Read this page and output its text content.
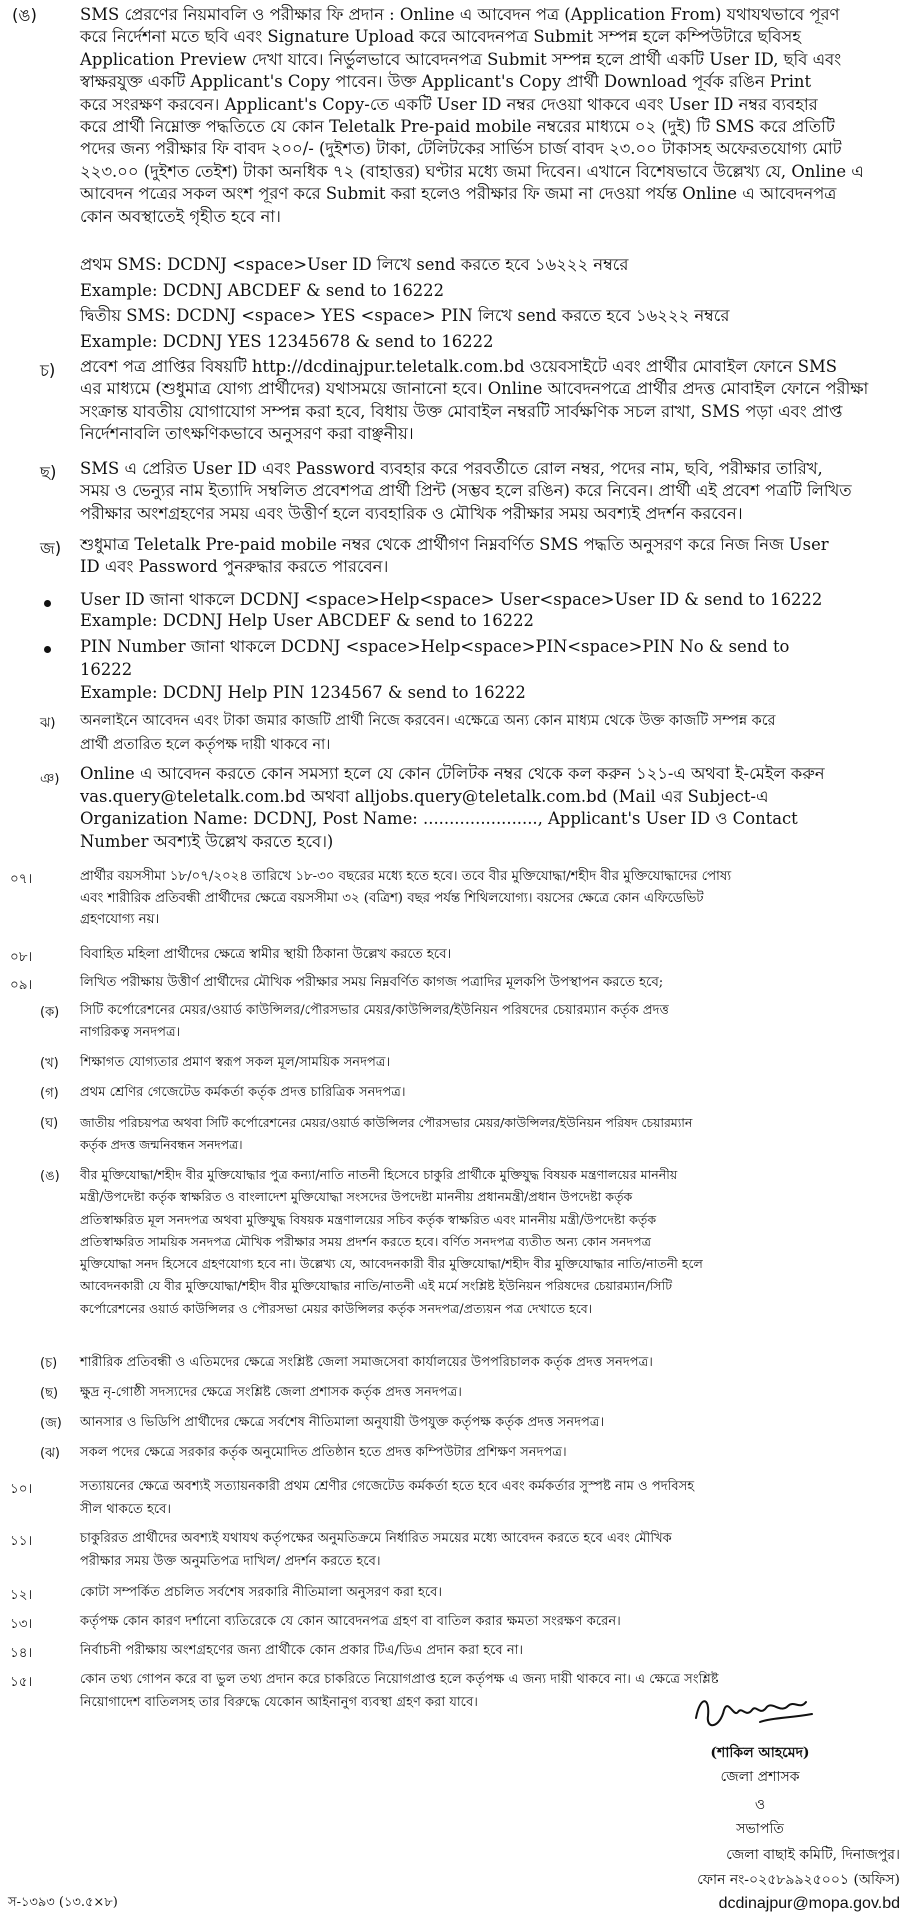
(ঙ)	SMS প্রেরণের নিয়মাবলি ও পরীক্ষার ফি প্রদান : Online এ আবেদন পত্র (Application From) যথাযথভাবে পূরণ
করে নির্দেশনা মতে ছবি এবং Signature Upload করে আবেদনপত্র Submit সম্পন্ন হলে কম্পিউটারে ছবিসহ
Application Preview দেখা যাবে। নির্ভুলভাবে আবেদনপত্র Submit সম্পন্ন হলে প্রার্থী একটি User ID, ছবি এবং
স্বাক্ষরযুক্ত একটি Applicant's Copy পাবেন। উক্ত Applicant's Copy প্রার্থী Download পূর্বক রঙিন Print
করে সংরক্ষণ করবেন। Applicant's Copy-তে একটি User ID নম্বর দেওয়া থাকবে এবং User ID নম্বর ব্যবহার
করে প্রার্থী নিম্নোক্ত পদ্ধতিতে যে কোন Teletalk Pre-paid mobile নম্বরের মাধ্যমে ০২ (দুই) টি SMS করে প্রতিটি
পদের জন্য পরীক্ষার ফি বাবদ ২০০/- (দুইশত) টাকা, টেলিটকের সার্ভিস চার্জ বাবদ ২৩.০০ টাকাসহ অফেরতযোগ্য মোট
২২৩.০০ (দুইশত তেইশ) টাকা অনধিক ৭২ (বাহাত্তর) ঘণ্টার মধ্যে জমা দিবেন। এখানে বিশেষভাবে উল্লেখ্য যে, Online এ
আবেদন পত্রের সকল অংশ পূরণ করে Submit করা হলেও পরীক্ষার ফি জমা না দেওয়া পর্যন্ত Online এ আবেদনপত্র
কোন অবস্থাতেই গৃহীত হবে না।
প্রথম SMS: DCDNJ <space>User ID লিখে send করতে হবে ১৬২২২ নম্বরে
Example: DCDNJ ABCDEF & send to 16222
দ্বিতীয় SMS: DCDNJ <space> YES <space> PIN লিখে send করতে হবে ১৬২২২ নম্বরে
Example: DCDNJ YES 12345678 & send to 16222
চ) প্রবেশ পত্র প্রাপ্তির বিষয়টি http://dcdinajpur.teletalk.com.bd ওয়েবসাইটে এবং প্রার্থীর মোবাইল ফোনে SMS
এর মাধ্যমে (শুধুমাত্র যোগ্য প্রার্থীদের) যথাসময়ে জানানো হবে। Online আবেদনপত্রে প্রার্থীর প্রদত্ত মোবাইল ফোনে পরীক্ষা
সংক্রান্ত যাবতীয় যোগাযোগ সম্পন্ন করা হবে, বিধায় উক্ত মোবাইল নম্বরটি সার্বক্ষণিক সচল রাখা, SMS পড়া এবং প্রাপ্ত
নির্দেশনাবলি তাৎক্ষণিকভাবে অনুসরণ করা বাঞ্ছনীয়।
ছ) SMS এ প্রেরিত User ID এবং Password ব্যবহার করে পরবর্তীতে রোল নম্বর, পদের নাম, ছবি, পরীক্ষার তারিখ,
সময় ও ভেন্যুর নাম ইত্যাদি সম্বলিত প্রবেশপত্র প্রার্থী প্রিন্ট (সম্ভব হলে রঙিন) করে নিবেন। প্রার্থী এই প্রবেশ পত্রটি লিখিত
পরীক্ষার অংশগ্রহণের সময় এবং উত্তীর্ণ হলে ব্যবহারিক ও মৌখিক পরীক্ষার সময় অবশ্যই প্রদর্শন করবেন।
জ) শুধুমাত্র Teletalk Pre-paid mobile নম্বর থেকে প্রার্থীগণ নিম্নবর্ণিত SMS পদ্ধতি অনুসরণ করে নিজ নিজ User
ID এবং Password পুনরুদ্ধার করতে পারবেন।
User ID জানা থাকলে DCDNJ <space>Help<space> User<space>User ID & send to 16222
Example: DCDNJ Help User ABCDEF & send to 16222
PIN Number জানা থাকলে DCDNJ <space>Help<space>PIN<space>PIN No & send to
16222
Example: DCDNJ Help PIN 1234567 & send to 16222
ঝ) অনলাইনে আবেদন এবং টাকা জমার কাজটি প্রার্থী নিজে করবেন। এক্ষেত্রে অন্য কোন মাধ্যম থেকে উক্ত কাজটি সম্পন্ন করে
প্রার্থী প্রতারিত হলে কর্তৃপক্ষ দায়ী থাকবে না।
ঞ) Online এ আবেদন করতে কোন সমস্যা হলে যে কোন টেলিটক নম্বর থেকে কল করুন ১২১-এ অথবা ই-মেইল করুন
vas.query@teletalk.com.bd অথবা alljobs.query@teletalk.com.bd (Mail এর Subject-এ
Organization Name: DCDNJ, Post Name: ......................, Applicant's User ID ও Contact
Number অবশ্যই উল্লেখ করতে হবে।)
০৭।	প্রার্থীর বয়সসীমা ১৮/০৭/২০২৪ তারিখে ১৮-৩০ বছরের মধ্যে হতে হবে। তবে বীর মুক্তিযোদ্ধা/শহীদ বীর মুক্তিযোদ্ধাদের পোষ্য
এবং শারীরিক প্রতিবন্ধী প্রার্থীদের ক্ষেত্রে বয়সসীমা ৩২ (বত্রিশ) বছর পর্যন্ত শিথিলযোগ্য। বয়সের ক্ষেত্রে কোন এফিডেভিট
গ্রহণযোগ্য নয়।
০৮।	বিবাহিত মহিলা প্রার্থীদের ক্ষেত্রে স্বামীর স্থায়ী ঠিকানা উল্লেখ করতে হবে।
০৯।	লিখিত পরীক্ষায় উত্তীর্ণ প্রার্থীদের মৌখিক পরীক্ষার সময় নিম্নবর্ণিত কাগজ পত্রাদির মূলকপি উপস্থাপন করতে হবে;
(ক) সিটি কর্পোরেশনের মেয়র/ওয়ার্ড কাউন্সিলর/পৌরসভার মেয়র/কাউন্সিলর/ইউনিয়ন পরিষদের চেয়ারম্যান কর্তৃক প্রদত্ত
নাগরিকত্ব সনদপত্র।
(খ) শিক্ষাগত যোগ্যতার প্রমাণ স্বরূপ সকল মূল/সাময়িক সনদপত্র।
(গ) প্রথম শ্রেণির গেজেটেড কর্মকর্তা কর্তৃক প্রদত্ত চারিত্রিক সনদপত্র।
(ঘ) জাতীয় পরিচয়পত্র অথবা সিটি কর্পোরেশনের মেয়র/ওয়ার্ড কাউন্সিলর পৌরসভার মেয়র/কাউন্সিলর/ইউনিয়ন পরিষদ চেয়ারম্যান
কর্তৃক প্রদত্ত জন্মনিবন্ধন সনদপত্র।
(ঙ) বীর মুক্তিযোদ্ধা/শহীদ বীর মুক্তিযোদ্ধার পুত্র কন্যা/নাতি নাতনী হিসেবে চাকুরি প্রার্থীকে মুক্তিযুদ্ধ বিষয়ক মন্ত্রণালয়ের মাননীয়
মন্ত্রী/উপদেষ্টা কর্তৃক স্বাক্ষরিত ও বাংলাদেশ মুক্তিযোদ্ধা সংসদের উপদেষ্টা মাননীয় প্রধানমন্ত্রী/প্রধান উপদেষ্টা কর্তৃক
প্রতিস্বাক্ষরিত মূল সনদপত্র অথবা মুক্তিযুদ্ধ বিষয়ক মন্ত্রণালয়ের সচিব কর্তৃক স্বাক্ষরিত এবং মাননীয় মন্ত্রী/উপদেষ্টা কর্তৃক
প্রতিস্বাক্ষরিত সাময়িক সনদপত্র মৌখিক পরীক্ষার সময় প্রদর্শন করতে হবে। বর্ণিত সনদপত্র ব্যতীত অন্য কোন সনদপত্র
মুক্তিযোদ্ধা সনদ হিসেবে গ্রহণযোগ্য হবে না। উল্লেখ্য যে, আবেদনকারী বীর মুক্তিযোদ্ধা/শহীদ বীর মুক্তিযোদ্ধার নাতি/নাতনী হলে
আবেদনকারী যে বীর মুক্তিযোদ্ধা/শহীদ বীর মুক্তিযোদ্ধার নাতি/নাতনী এই মর্মে সংশ্লিষ্ট ইউনিয়ন পরিষদের চেয়ারম্যান/সিটি
কর্পোরেশনের ওয়ার্ড কাউন্সিলর ও পৌরসভা মেয়র কাউন্সিলর কর্তৃক সনদপত্র/প্রত্যয়ন পত্র দেখাতে হবে।
(চ) শারীরিক প্রতিবন্ধী ও এতিমদের ক্ষেত্রে সংশ্লিষ্ট জেলা সমাজসেবা কার্যালয়ের উপপরিচালক কর্তৃক প্রদত্ত সনদপত্র।
(ছ) ক্ষুদ্র নৃ-গোষ্ঠী সদস্যদের ক্ষেত্রে সংশ্লিষ্ট জেলা প্রশাসক কর্তৃক প্রদত্ত সনদপত্র।
(জ) আনসার ও ভিডিপি প্রার্থীদের ক্ষেত্রে সর্বশেষ নীতিমালা অনুযায়ী উপযুক্ত কর্তৃপক্ষ কর্তৃক প্রদত্ত সনদপত্র।
(ঝ) সকল পদের ক্ষেত্রে সরকার কর্তৃক অনুমোদিত প্রতিষ্ঠান হতে প্রদত্ত কম্পিউটার প্রশিক্ষণ সনদপত্র।
১০।	সত্যায়নের ক্ষেত্রে অবশ্যই সত্যায়নকারী প্রথম শ্রেণীর গেজেটেড কর্মকর্তা হতে হবে এবং কর্মকর্তার সুস্পষ্ট নাম ও পদবিসহ
সীল থাকতে হবে।
১১।	চাকুরিরত প্রার্থীদের অবশ্যই যথাযথ কর্তৃপক্ষের অনুমতিক্রমে নির্ধারিত সময়ের মধ্যে আবেদন করতে হবে এবং মৌখিক
পরীক্ষার সময় উক্ত অনুমতিপত্র দাখিল/ প্রদর্শন করতে হবে।
১২।	কোটা সম্পর্কিত প্রচলিত সর্বশেষ সরকারি নীতিমালা অনুসরণ করা হবে।
১৩।	কর্তৃপক্ষ কোন কারণ দর্শানো ব্যতিরেকে যে কোন আবেদনপত্র গ্রহণ বা বাতিল করার ক্ষমতা সংরক্ষণ করেন।
১৪।	নির্বাচনী পরীক্ষায় অংশগ্রহণের জন্য প্রার্থীকে কোন প্রকার টিএ/ডিএ প্রদান করা হবে না।
১৫।	কোন তথ্য গোপন করে বা ভুল তথ্য প্রদান করে চাকরিতে নিয়োগপ্রাপ্ত হলে কর্তৃপক্ষ এ জন্য দায়ী থাকবে না। এ ক্ষেত্রে সংশ্লিষ্ট
নিয়োগাদেশ বাতিলসহ তার বিরুদ্ধে যেকোন আইনানুগ ব্যবস্থা গ্রহণ করা যাবে।
(শাকিল আহমেদ)
জেলা প্রশাসক
ও
সভাপতি
জেলা বাছাই কমিটি, দিনাজপুর।
ফোন নং-০২৫৮৯৯২৫০০১ (অফিস)
dcdinajpur@mopa.gov.bd
স-১৩৯৩ (১৩.৫×৮)
